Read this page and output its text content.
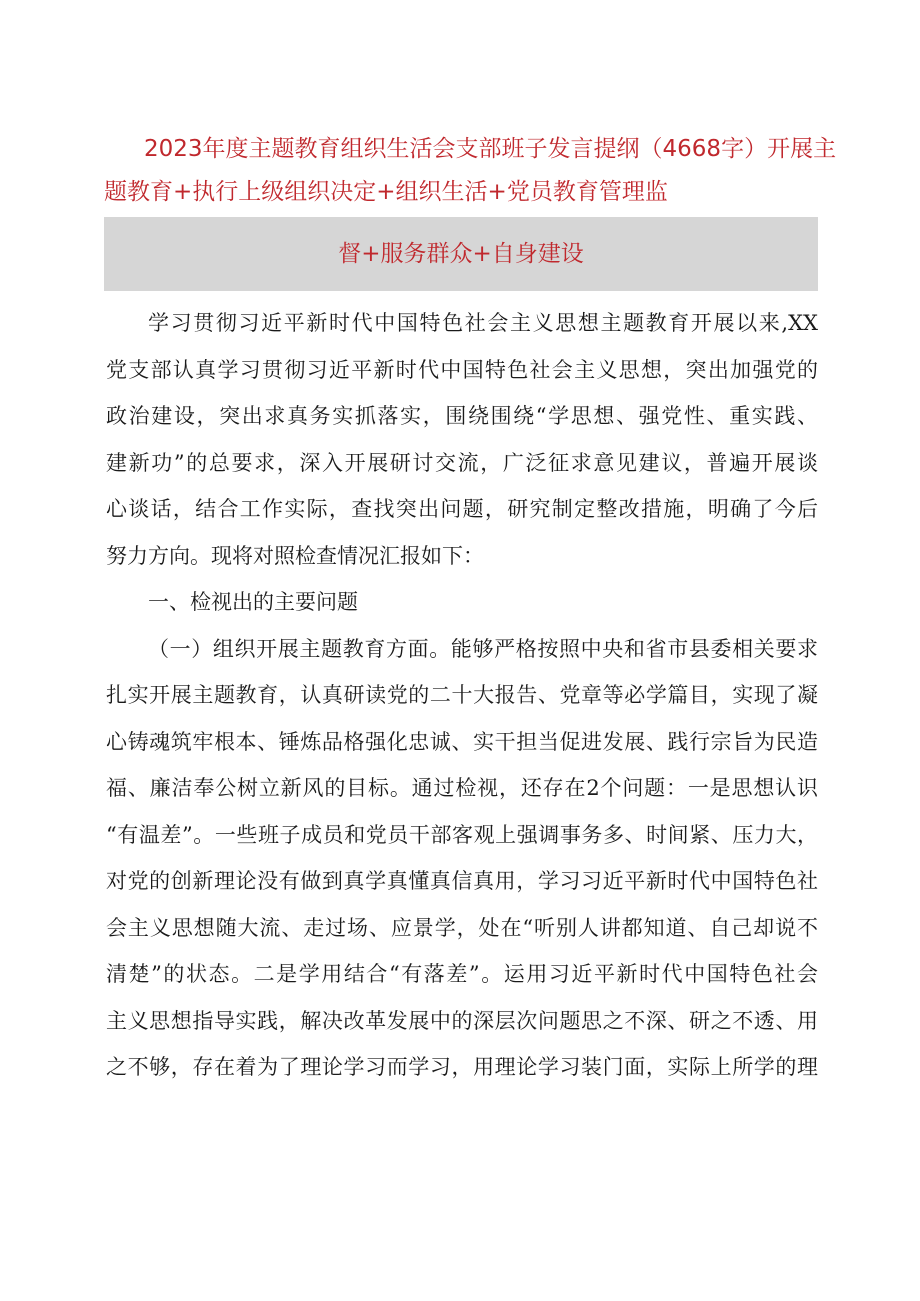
2023年度主题教育组织生活会支部班子发言提纲（4668字）开展主
题教育+执行上级组织决定+组织生活+党员教育管理监
督+服务群众+自身建设
学习贯彻习近平新时代中国特色社会主义思想主题教育开展以来,XX
党支部认真学习贯彻习近平新时代中国特色社会主义思想，突出加强党的
政治建设，突出求真务实抓落实，围绕围绕“学思想、强党性、重实践、
建新功”的总要求，深入开展研讨交流，广泛征求意见建议，普遍开展谈
心谈话，结合工作实际，查找突出问题，研究制定整改措施，明确了今后
努力方向。现将对照检查情况汇报如下：
一、检视出的主要问题
（一）组织开展主题教育方面。能够严格按照中央和省市县委相关要求
扎实开展主题教育，认真研读党的二十大报告、党章等必学篇目，实现了凝
心铸魂筑牢根本、锤炼品格强化忠诚、实干担当促进发展、践行宗旨为民造
福、廉洁奉公树立新风的目标。通过检视，还存在2个问题：一是思想认识
“有温差”。一些班子成员和党员干部客观上强调事务多、时间紧、压力大，
对党的创新理论没有做到真学真懂真信真用，学习习近平新时代中国特色社
会主义思想随大流、走过场、应景学，处在“听别人讲都知道、自己却说不
清楚”的状态。二是学用结合“有落差”。运用习近平新时代中国特色社会
主义思想指导实践，解决改革发展中的深层次问题思之不深、研之不透、用
之不够，存在着为了理论学习而学习，用理论学习装门面，实际上所学的理
